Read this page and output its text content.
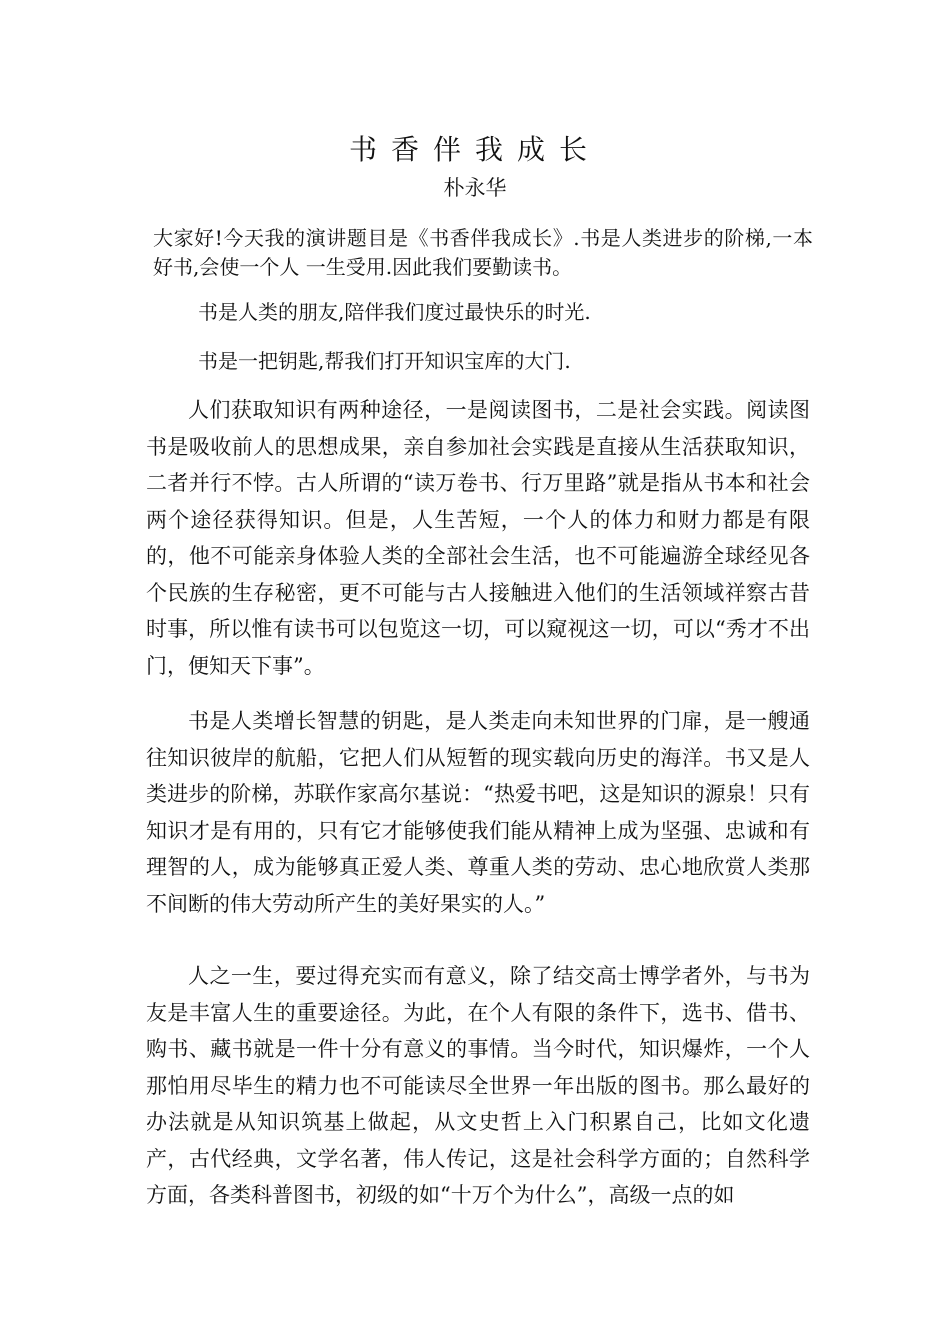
书香伴我成长
朴永华

大家好!今天我的演讲题目是《书香伴我成长》.书是人类进步的阶梯,一本好书,会使一个人 一生受用.因此我们要勤读书。

书是人类的朋友,陪伴我们度过最快乐的时光.

书是一把钥匙,帮我们打开知识宝库的大门.

人们获取知识有两种途径，一是阅读图书，二是社会实践。阅读图书是吸收前人的思想成果，亲自参加社会实践是直接从生活获取知识，二者并行不悖。古人所谓的“读万卷书、行万里路”就是指从书本和社会两个途径获得知识。但是，人生苦短，一个人的体力和财力都是有限的，他不可能亲身体验人类的全部社会生活，也不可能遍游全球经见各个民族的生存秘密，更不可能与古人接触进入他们的生活领域祥察古昔时事，所以惟有读书可以包览这一切，可以窥视这一切，可以“秀才不出门，便知天下事”。

书是人类增长智慧的钥匙，是人类走向未知世界的门扉，是一艘通往知识彼岸的航船，它把人们从短暂的现实载向历史的海洋。书又是人类进步的阶梯，苏联作家高尔基说：“热爱书吧，这是知识的源泉！只有知识才是有用的，只有它才能够使我们能从精神上成为坚强、忠诚和有理智的人，成为能够真正爱人类、尊重人类的劳动、忠心地欣赏人类那不间断的伟大劳动所产生的美好果实的人。”

人之一生，要过得充实而有意义，除了结交高士博学者外，与书为友是丰富人生的重要途径。为此，在个人有限的条件下，选书、借书、购书、藏书就是一件十分有意义的事情。当今时代，知识爆炸，一个人那怕用尽毕生的精力也不可能读尽全世界一年出版的图书。那么最好的办法就是从知识筑基上做起，从文史哲上入门积累自己，比如文化遗产，古代经典，文学名著，伟人传记，这是社会科学方面的；自然科学方面，各类科普图书，初级的如“十万个为什么”，高级一点的如
